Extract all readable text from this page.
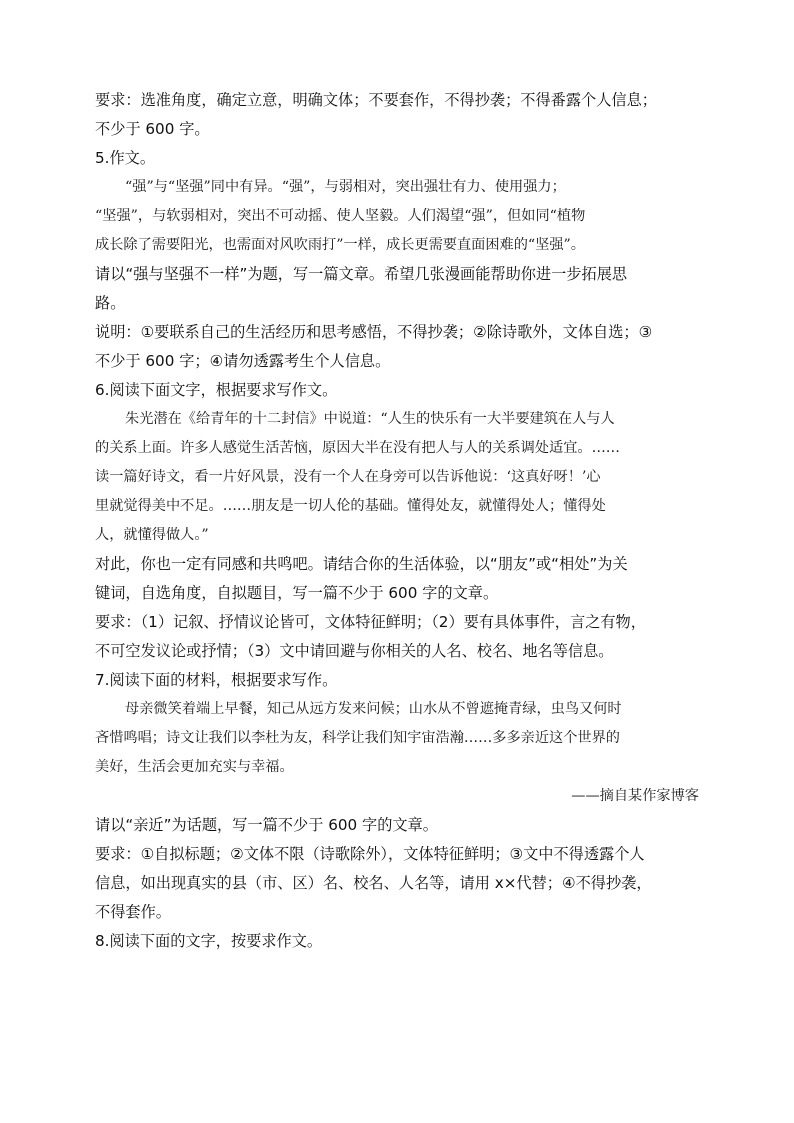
要求：选准角度，确定立意，明确文体；不要套作，不得抄袭；不得番露个人信息；
不少于 600 字。
5.作文。
“强”与“坚强”同中有异。“强”，与弱相对，突出强壮有力、使用强力；
“坚强”，与软弱相对，突出不可动摇、使人坚毅。人们渴望“强”，但如同“植物
成长除了需要阳光，也需面对风吹雨打”一样，成长更需要直面困难的“坚强”。
请以“强与坚强不一样”为题，写一篇文章。希望几张漫画能帮助你进一步拓展思
路。
说明：①要联系自己的生活经历和思考感悟，不得抄袭；②除诗歌外，文体自选；③
不少于 600 字；④请勿透露考生个人信息。
6.阅读下面文字，根据要求写作文。
朱光潜在《给青年的十二封信》中说道：“人生的快乐有一大半要建筑在人与人
的关系上面。许多人感觉生活苦恼，原因大半在没有把人与人的关系调处适宜。……
读一篇好诗文，看一片好风景，没有一个人在身旁可以告诉他说：‘这真好呀！’心
里就觉得美中不足。……朋友是一切人伦的基础。懂得处友，就懂得处人；懂得处
人，就懂得做人。”
对此，你也一定有同感和共鸣吧。请结合你的生活体验，以“朋友”或“相处”为关
键词，自选角度，自拟题目，写一篇不少于 600 字的文章。
要求：（1）记叙、抒情议论皆可，文体特征鲜明；（2）要有具体事件，言之有物，
不可空发议论或抒情；（3）文中请回避与你相关的人名、校名、地名等信息。
7.阅读下面的材料，根据要求写作。
母亲微笑着端上早餐，知己从远方发来问候；山水从不曾遮掩青绿，虫鸟又何时
吝惜鸣唱；诗文让我们以李杜为友，科学让我们知宇宙浩瀚……多多亲近这个世界的
美好，生活会更加充实与幸福。
——摘自某作家博客
请以“亲近”为话题，写一篇不少于 600 字的文章。
要求：①自拟标题；②文体不限（诗歌除外），文体特征鲜明；③文中不得透露个人
信息，如出现真实的县（市、区）名、校名、人名等，请用 x×代替；④不得抄袭，
不得套作。
8.阅读下面的文字，按要求作文。
